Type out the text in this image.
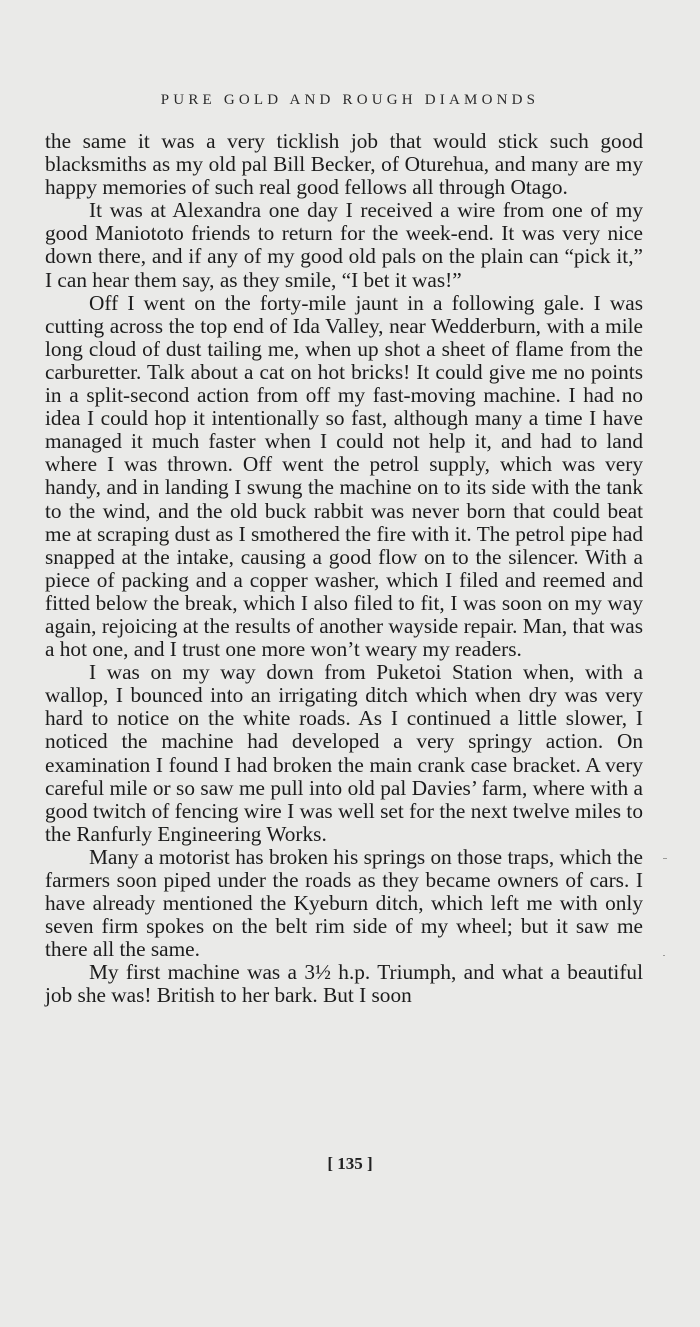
PURE GOLD AND ROUGH DIAMONDS

the same it was a very ticklish job that would stick such good blacksmiths as my old pal Bill Becker, of Oturehua, and many are my happy memories of such real good fellows all through Otago.

It was at Alexandra one day I received a wire from one of my good Maniototo friends to return for the week-end. It was very nice down there, and if any of my good old pals on the plain can “pick it,” I can hear them say, as they smile, “I bet it was!”

Off I went on the forty-mile jaunt in a following gale. I was cutting across the top end of Ida Valley, near Wedderburn, with a mile long cloud of dust tailing me, when up shot a sheet of flame from the carburetter. Talk about a cat on hot bricks! It could give me no points in a split-second action from off my fast-moving machine. I had no idea I could hop it intentionally so fast, although many a time I have managed it much faster when I could not help it, and had to land where I was thrown. Off went the petrol supply, which was very handy, and in landing I swung the machine on to its side with the tank to the wind, and the old buck rabbit was never born that could beat me at scraping dust as I smothered the fire with it. The petrol pipe had snapped at the intake, causing a good flow on to the silencer. With a piece of packing and a copper washer, which I filed and reemed and fitted below the break, which I also filed to fit, I was soon on my way again, rejoicing at the results of another wayside repair. Man, that was a hot one, and I trust one more won’t weary my readers.

I was on my way down from Puketoi Station when, with a wallop, I bounced into an irrigating ditch which when dry was very hard to notice on the white roads. As I continued a little slower, I noticed the machine had developed a very springy action. On examination I found I had broken the main crank case bracket. A very careful mile or so saw me pull into old pal Davies’ farm, where with a good twitch of fencing wire I was well set for the next twelve miles to the Ranfurly Engineering Works.

Many a motorist has broken his springs on those traps, which the farmers soon piped under the roads as they became owners of cars. I have already mentioned the Kyeburn ditch, which left me with only seven firm spokes on the belt rim side of my wheel; but it saw me there all the same.

My first machine was a 3½ h.p. Triumph, and what a beautiful job she was! British to her bark. But I soon

[ 135 ]
